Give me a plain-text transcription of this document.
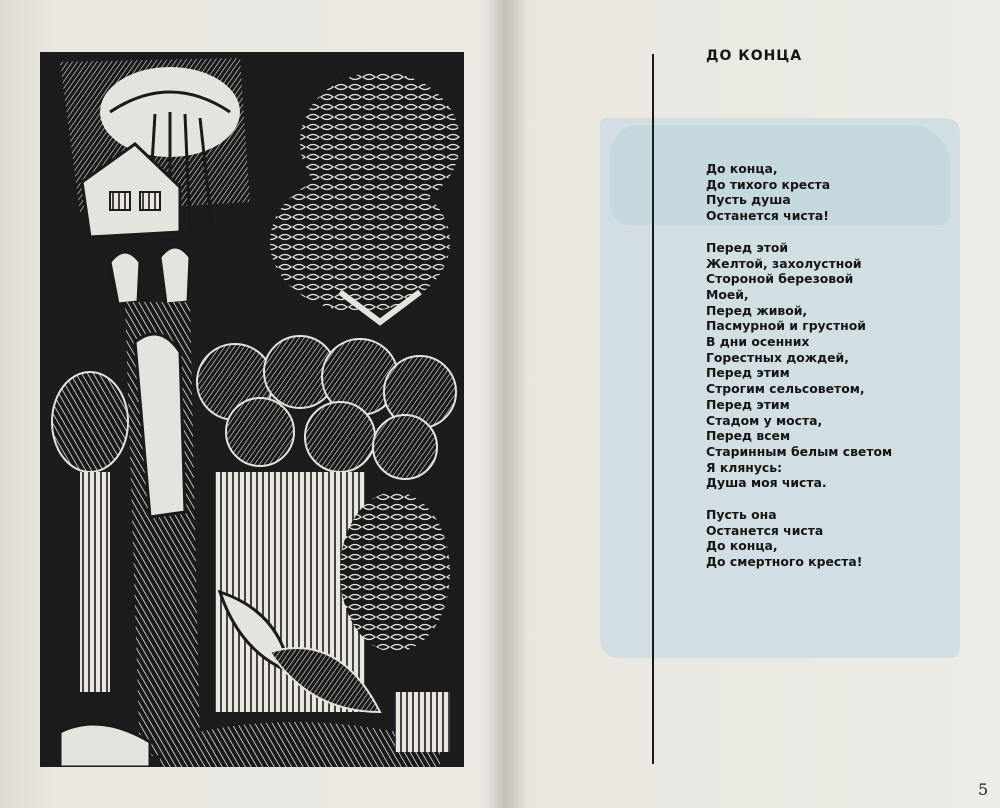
ДО КОНЦА
До конца,
До тихого креста
Пусть душа
Останется чиста!
Перед этой
Желтой, захолустной
Стороной березовой
Моей,
Перед живой,
Пасмурной и грустной
В дни осенних
Горестных дождей,
Перед этим
Строгим сельсоветом,
Перед этим
Стадом у моста,
Перед всем
Старинным белым светом
Я клянусь:
Душа моя чиста.
Пусть она
Останется чиста
До конца,
До смертного креста!
5
